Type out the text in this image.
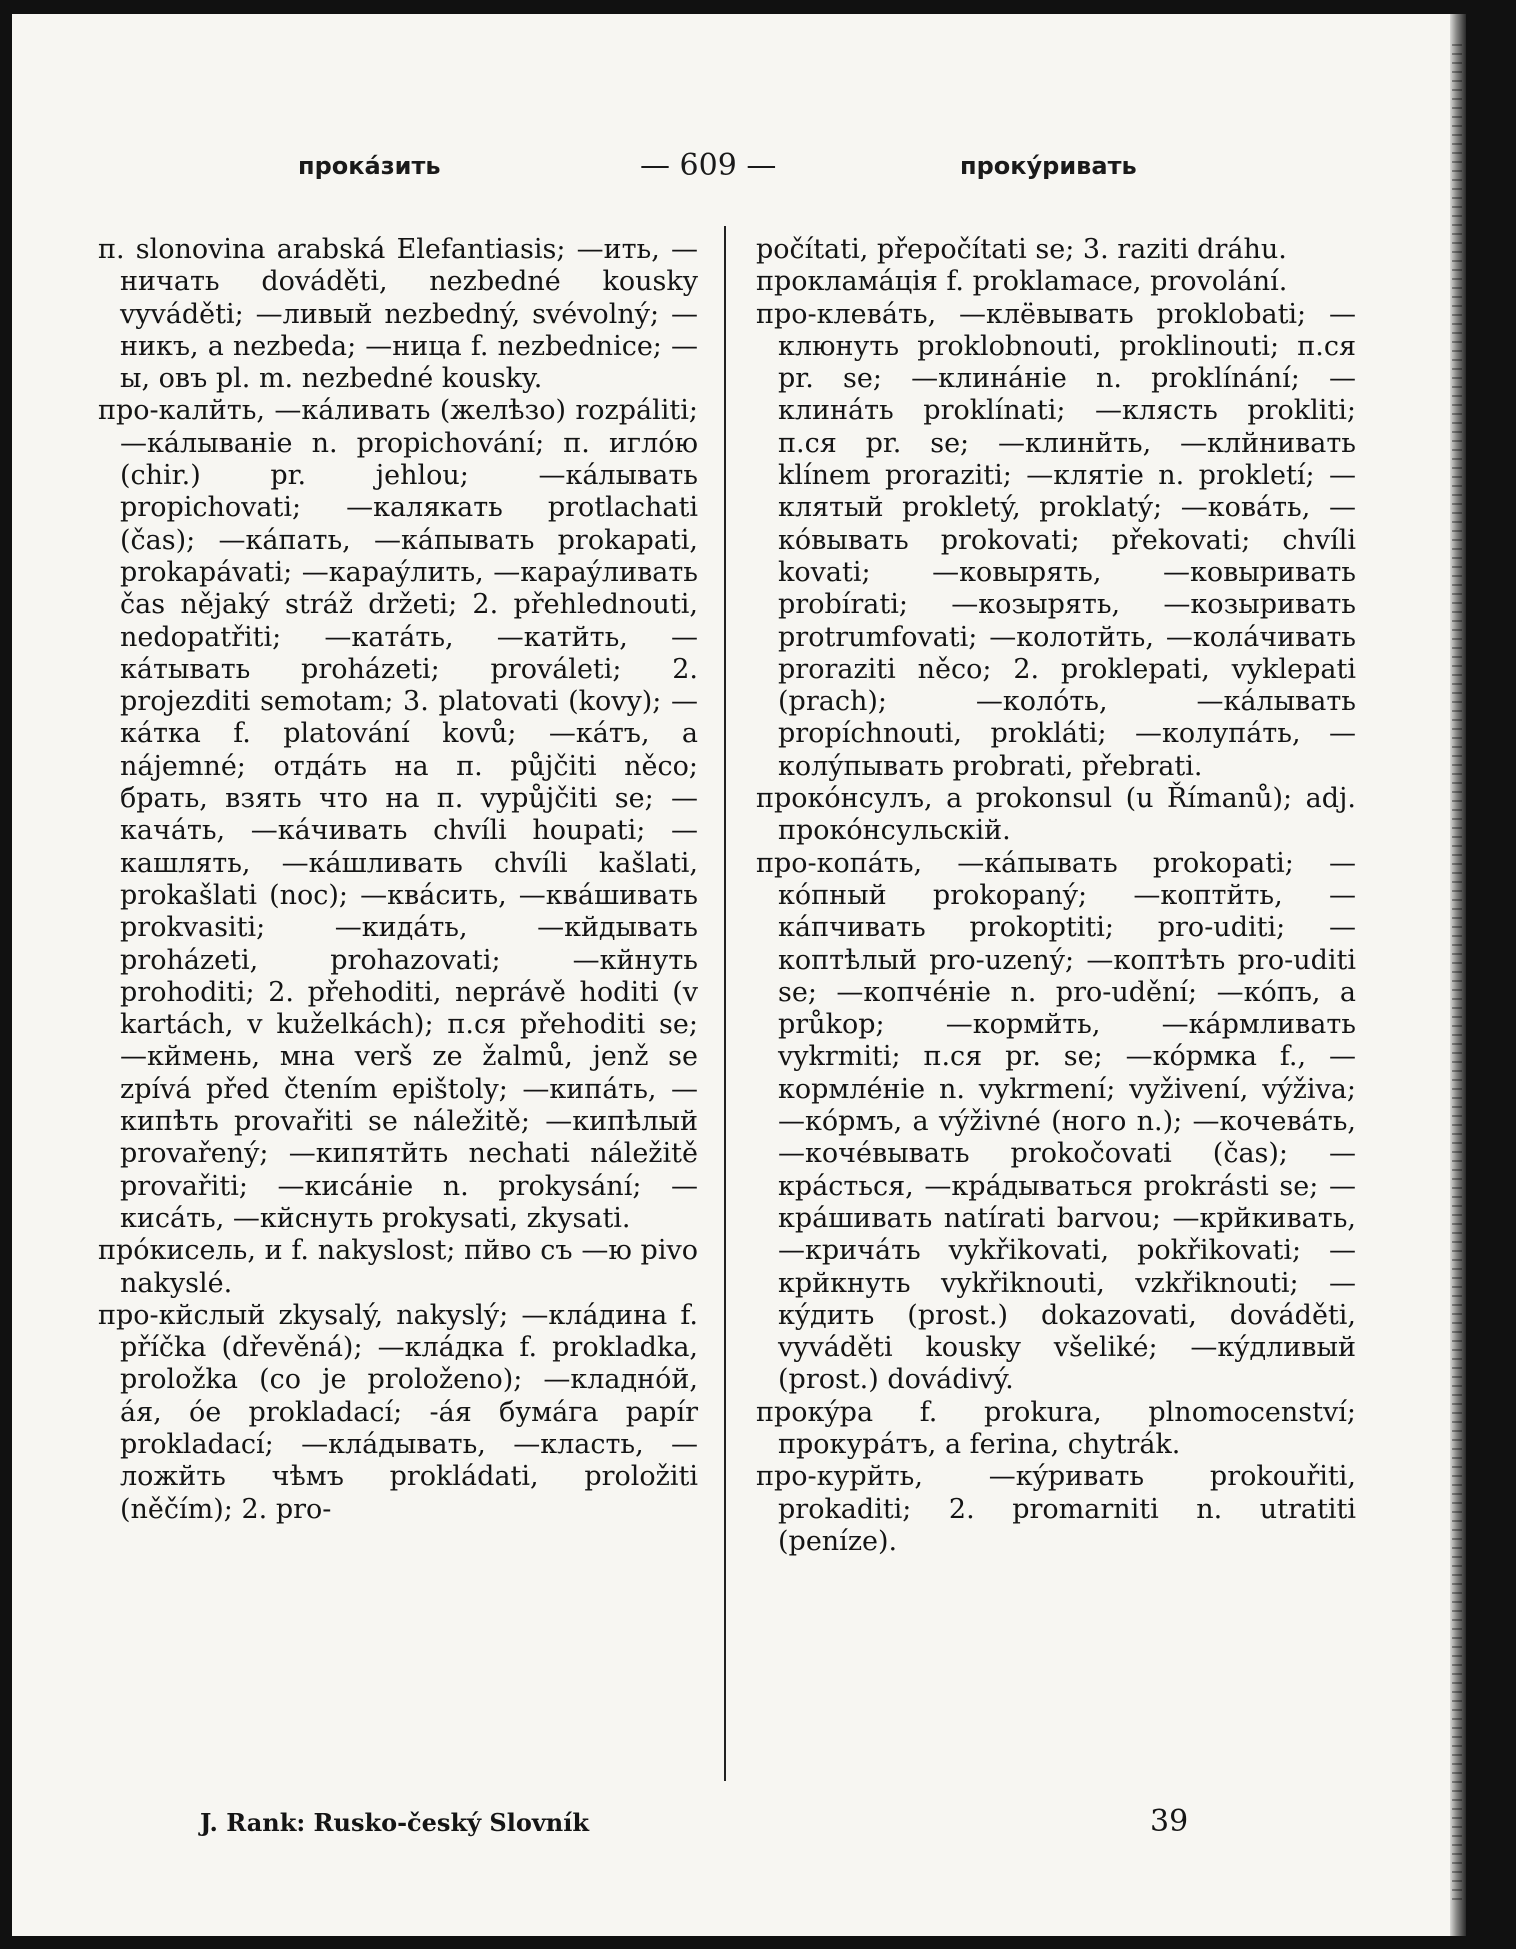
прокáзить	— 609 —	прокýривать

п. slonovina arabská Elefantiasis; —ить, —ничать dováděti, nezbedné kousky vyváděti; —ливый nezbedný, svévolný; —никъ, a nezbeda; —ница f. nezbednice; —ы, овъ pl. m. nezbedné kousky.

про-калйть, —кáливать (желѣзо) rozpáliti; —кáлываніе n. propichování; п. иглóю (chir.) pr. jehlou; —кáлывать propichovati; —калякать protlachati (čas); —кáпать, —кáпывать prokapati, prokapávati; —караýлить, —караýливать čas nějaký stráž držeti; 2. přehlednouti, nedopatřiti; —катáть, —катйть, —кáтывать proházeti; prováleti; 2. projezditi semotam; 3. platovati (kovy); —кáтка f. platování kovů; —кáтъ, a nájemné; отдáть на п. půjčiti něco; брать, взять что на п. vypůjčiti se; —качáть, —кáчивать chvíli houpati; —кашлять, —кáшливать chvíli kašlati, prokašlati (noc); —квáсить, —квáшивать prokvasiti; —кидáть, —кйдывать proházeti, prohazovati; —кйнуть prohoditi; 2. přehoditi, neprávě hoditi (v kartách, v kuželkách); п.ся přehoditi se; —кймень, мна verš ze žalmů, jenž se zpívá před čtením epištoly; —кипáть, —кипѣть provařiti se náležitě; —кипѣлый provařený; —кипятйть nechati náležitě provařiti; —кисáніе n. prokysání; —кисáть, —кйснуть prokysati, zkysati.

прóкисель, и f. nakyslost; пйво съ —ю pivo nakyslé.

про-кйслый zkysalý, nakyslý; —клáдина f. příčka (dřevěná); —клáдка f. prokladka, proložka (co je proloženo); —кладнóй, áя, óе prokladací; -áя бумáга papír prokladací; —клáдывать, —класть, —ложйть чѣмъ prokládati, proložiti (něčím); 2. pro-

počítati, přepočítati se; 3. raziti dráhu.

прокламáція f. proklamace, provolání.

про-клевáть, —клёвывать proklobati; —клюнуть proklobnouti, proklinouti; п.ся pr. se; —клинáніе n. proklínání; —клинáть proklínati; —клясть prokliti; п.ся pr. se; —клинйть, —клйнивать klínem proraziti; —клятіе n. prokletí; —клятый prokletý, proklatý; —ковáть, —кóвывать prokovati; překovati; chvíli kovati; —ковырять, —ковыривать probírati; —козырять, —козыривать protrumfovati; —колотйть, —колáчивать proraziti něco; 2. proklepati, vyklepati (prach); —колóть, —кáлывать propíchnouti, prokláti; —колупáть, —колýпывать probrati, přebrati.

прокóнсулъ, a prokonsul (u Římanů); adj. прокóнсульскій.

про-копáть, —кáпывать prokopati; —кóпный prokopaný; —коптйть, —кáпчивать prokoptiti; pro-uditi; —коптѣлый pro-uzený; —коптѣть pro-uditi se; —копчéніе n. pro-udění; —кóпъ, a průkop; —кормйть, —кáрмливать vykrmiti; п.ся pr. se; —кóрмка f., —кормлéніе n. vykrmení; vyživení, výživa; —кóрмъ, a výživné (ного n.); —кочевáть, —кочéвывать prokočovati (čas); —крáсться, —крáдываться prokrásti se; —крáшивать natírati barvou; —крйкивать, —кричáть vykřikovati, pokřikovati; —крйкнуть vykřiknouti, vzkřiknouti; —кýдить (prost.) dokazovati, dováděti, vyváděti kousky všeliké; —кýдливый (prost.) dovádivý.

прокýра f. prokura, plnomocenství; прокурáтъ, a ferina, chytrák.

про-курйть, —кýривать prokouřiti, prokaditi; 2. promarniti n. utratiti (peníze).

J. Rank: Rusko-český Slovník	39
